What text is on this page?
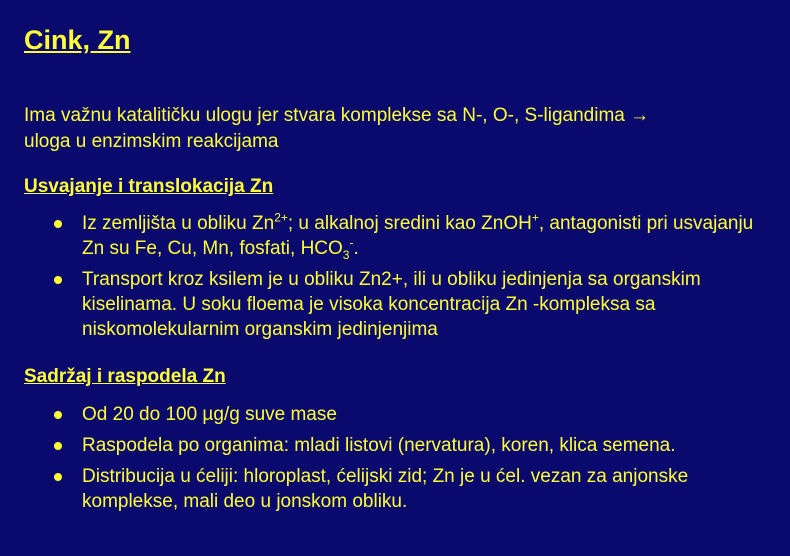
Cink, Zn

Ima važnu katalitičku ulogu jer stvara komplekse sa N-, O-, S-ligandima →
uloga u enzimskim reakcijama

Usvajanje i translokacija Zn
Iz zemljišta u obliku $Zn^{2+}$; u alkalnoj sredini kao ZnOH+, antagonisti pri usvajanju Zn su Fe, Cu, Mn, fosfati, $HCO_3^-$.
Transport kroz ksilem je u obliku Zn2+, ili u obliku jedinjenja sa organskim kiselinama. U soku floema je visoka koncentracija Zn -kompleksa sa niskomolekularnim organskim jedinjenjima
Sadržaj i raspodela Zn
Od 20 do 100 µg/g suve mase
Raspodela po organima: mladi listovi (nervatura), koren, klica semena.
Distribucija u ćeliji: hloroplast, ćelijski zid; Zn je u ćel. vezan za anjonske komplekse, mali deo u jonskom obliku.
